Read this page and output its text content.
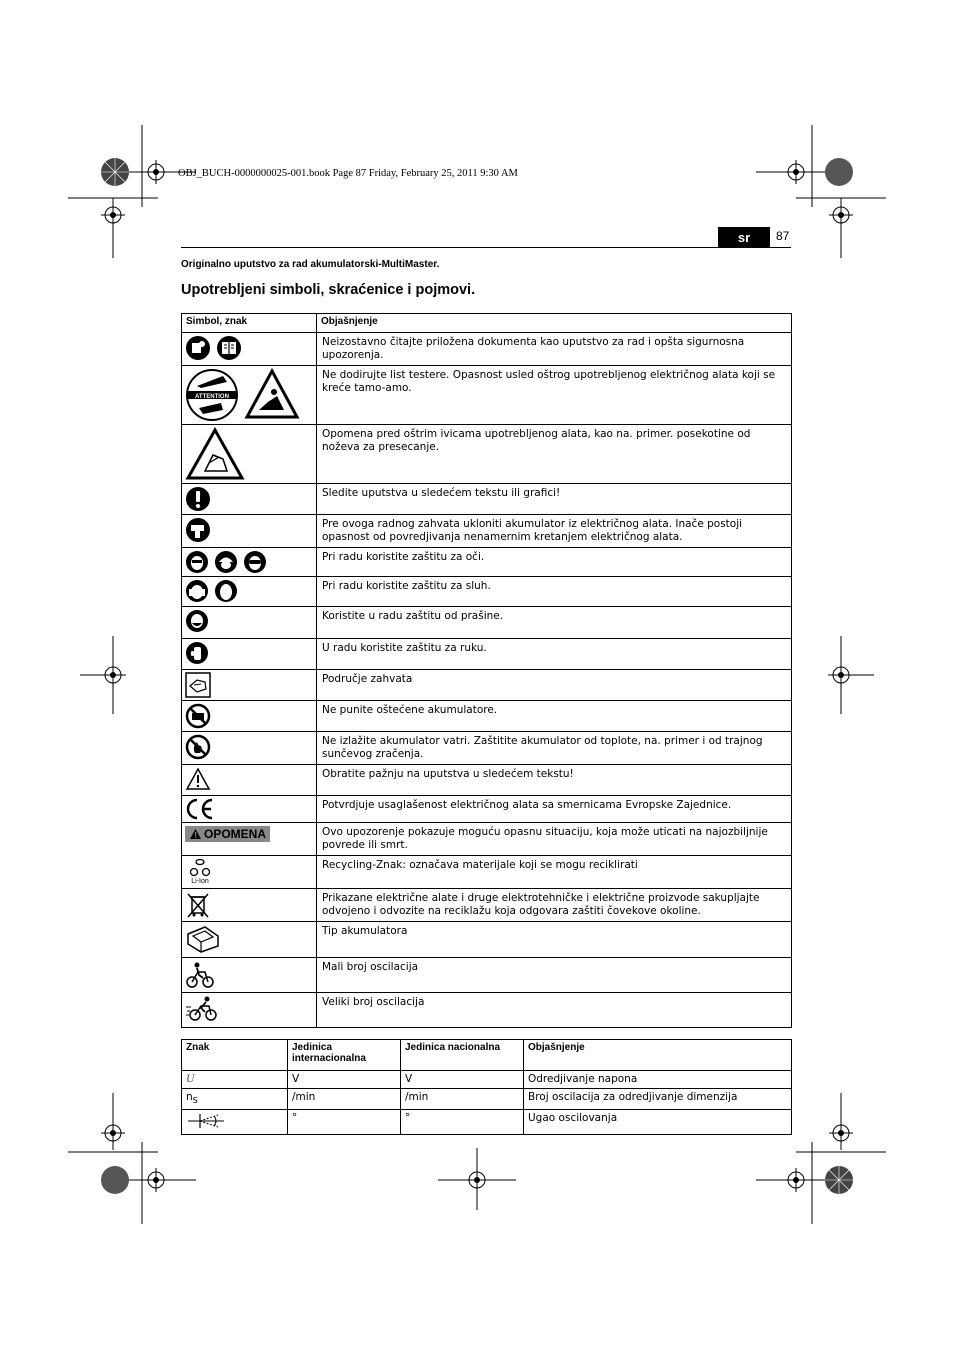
OBJ_BUCH-0000000025-001.book Page 87 Friday, February 25, 2011 9:30 AM
sr	87
Originalno uputstvo za rad akumulatorski-MultiMaster.
Upotrebljeni simboli, skraćenice i pojmovi.
Simbol, znak	Objašnjenje
	Neizostavno čitajte priložena dokumenta kao uputstvo za rad i opšta sigurnosna upozorenja.

ATTENTION	Ne dodirujte list testere. Opasnost usled oštrog upotrebljenog električnog alata koji se kreće tamo-amo.
	Opomena pred oštrim ivicama upotrebljenog alata, kao na. primer. posekotine od noževa za presecanje.
	Sledite uputstva u sledećem tekstu ili grafici!
	Pre ovoga radnog zahvata ukloniti akumulator iz električnog alata. Inače postoji opasnost od povredjivanja nenamernim kretanjem električnog alata.
	Pri radu koristite zaštitu za oči.
	Pri radu koristite zaštitu za sluh.
	Koristite u radu zaštitu od prašine.
	U radu koristite zaštitu za ruku.
	Područje zahvata
	Ne punite oštećene akumulatore.
	Ne izlažite akumulator vatri. Zaštitite akumulator od toplote, na. primer i od trajnog sunčevog zračenja.
	Obratite pažnju na uputstva u sledećem tekstu!
	Potvrdjuje usaglašenost električnog alata sa smernicama Evropske Zajednice.

OPOMENA	Ovo upozorenje pokazuje moguću opasnu situaciju, koja može uticati na najozbiljnije povrede ili smrt.

Li-Ion	Recycling-Znak: označava materijale koji se mogu reciklirati
	Prikazane električne alate i druge elektrotehničke i električne proizvode sakupljajte odvojeno i odvozite na reciklažu koja odgovara zaštiti čovekove okoline.
	Tip akumulatora
	Mali broj oscilacija
	Veliki broj oscilacija
Znak	Jedinica internacionalna	Jedinica nacionalna	Objašnjenje
U	V	V	Odredjivanje napona
$n_S$	/min	/min	Broj oscilacija za odredjivanje dimenzija
	°	°	Ugao oscilovanja
